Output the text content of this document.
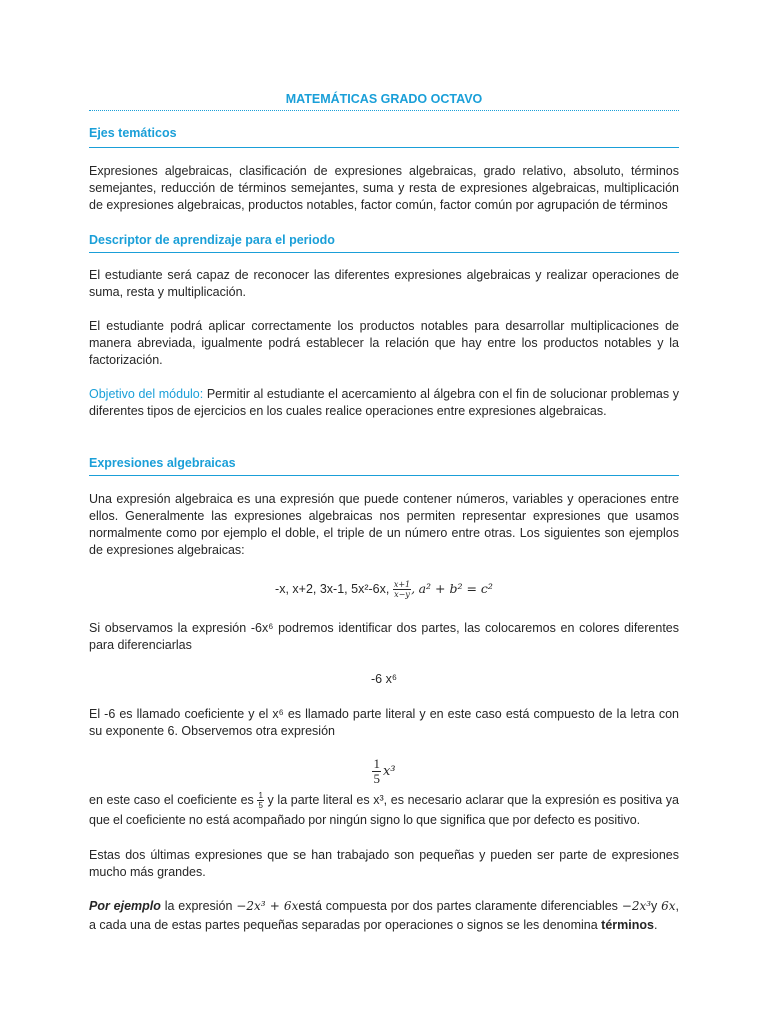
MATEMÁTICAS GRADO OCTAVO
Ejes temáticos

Expresiones algebraicas, clasificación de expresiones algebraicas, grado relativo, absoluto, términos semejantes, reducción de términos semejantes, suma y resta de expresiones algebraicas, multiplicación de expresiones algebraicas, productos notables, factor común, factor común por agrupación de términos

Descriptor de aprendizaje para el periodo

El estudiante será capaz de reconocer las diferentes expresiones algebraicas y realizar operaciones de suma, resta y multiplicación.

El estudiante podrá aplicar correctamente los productos notables para desarrollar multiplicaciones de manera abreviada, igualmente podrá establecer la relación que hay entre los productos notables y la factorización.

Objetivo del módulo: Permitir al estudiante el acercamiento al álgebra con el fin de solucionar problemas y diferentes tipos de ejercicios en los cuales realice operaciones entre expresiones algebraicas.

Expresiones algebraicas

Una expresión algebraica es una expresión que puede contener números, variables y operaciones entre ellos. Generalmente las expresiones algebraicas nos permiten representar expresiones que usamos normalmente como por ejemplo el doble, el triple de un número entre otras. Los siguientes son ejemplos de expresiones algebraicas:

-x, x+2, 3x-1, 5x²-6x, $\frac{x+1}{x-y}$ , a² + b² = c²

Si observamos la expresión -6x⁶ podremos identificar dos partes, las colocaremos en colores diferentes para diferenciarlas

-6 x⁶

El -6 es llamado coeficiente y el x⁶ es llamado parte literal y en este caso está compuesto de la letra con su exponente 6. Observemos otra expresión

$\frac{1}{5} x^3$

en este caso el coeficiente es $\frac{1}{5}$ y la parte literal es x³, es necesario aclarar que la expresión es positiva ya que el coeficiente no está acompañado por ningún signo lo que significa que por defecto es positivo.

Estas dos últimas expresiones que se han trabajado son pequeñas y pueden ser parte de expresiones mucho más grandes.

Por ejemplo la expresión −2x³ + 6xestá compuesta por dos partes claramente diferenciables −2x³y 6x, a cada una de estas partes pequeñas separadas por operaciones o signos se les denomina términos.
